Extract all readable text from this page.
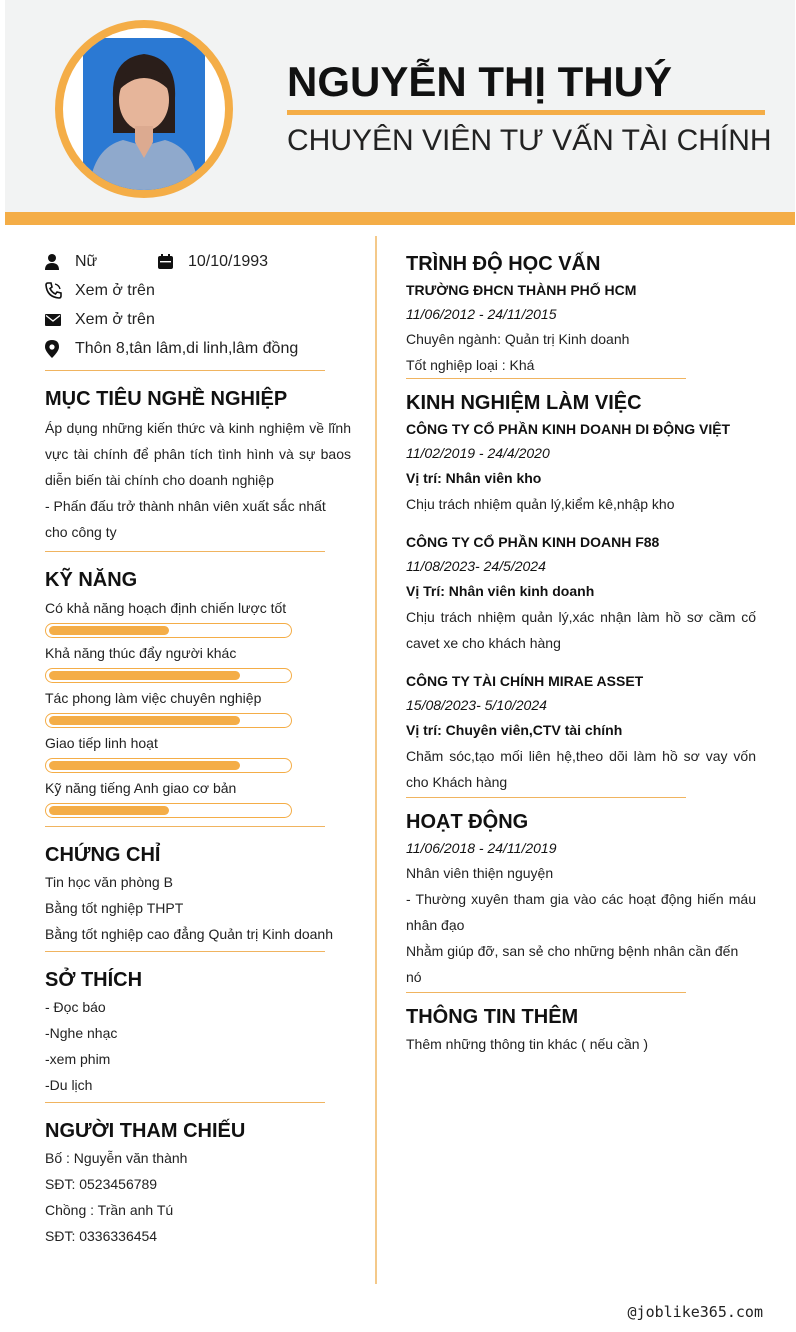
NGUYỄN THỊ THUÝ
CHUYÊN VIÊN TƯ VẤN TÀI CHÍNH
Nữ	10/10/1993
Xem ở trên
Xem ở trên
Thôn 8,tân lâm,di linh,lâm đồng
MỤC TIÊU NGHỀ NGHIỆP
Áp dụng những kiến thức và kinh nghiệm về lĩnh vực tài chính để phân tích tình hình và sự baos diễn biến tài chính cho doanh nghiệp
- Phấn đấu trở thành nhân viên xuất sắc nhất cho công ty
KỸ NĂNG
Có khả năng hoạch định chiến lược tốt
Khả năng thúc đẩy người khác
Tác phong làm việc chuyên nghiệp
Giao tiếp linh hoạt
Kỹ năng tiếng Anh giao cơ bản
CHỨNG CHỈ
Tin học văn phòng B
Bằng tốt nghiệp THPT
Bằng tốt nghiệp cao đẳng Quản trị Kinh doanh
SỞ THÍCH
- Đọc báo
-Nghe nhạc
-xem phim
-Du lịch
NGƯỜI THAM CHIẾU
Bố : Nguyễn văn thành
SĐT: 0523456789
Chồng : Trần anh Tú
SĐT: 0336336454
TRÌNH ĐỘ HỌC VẤN
TRƯỜNG ĐHCN THÀNH PHỐ HCM
11/06/2012 - 24/11/2015
Chuyên ngành: Quản trị Kinh doanh
Tốt nghiệp loại : Khá
KINH NGHIỆM LÀM VIỆC
CÔNG TY CỔ PHẦN KINH DOANH DI ĐỘNG VIỆT
11/02/2019 - 24/4/2020
Vị trí: Nhân viên kho
Chịu trách nhiệm quản lý,kiểm kê,nhập kho
CÔNG TY CỔ PHẦN KINH DOANH F88
11/08/2023- 24/5/2024
Vị Trí: Nhân viên kinh doanh
Chịu trách nhiệm quản lý,xác nhận làm hồ sơ cầm cố cavet xe cho khách hàng
CÔNG TY TÀI CHÍNH MIRAE ASSET
15/08/2023- 5/10/2024
Vị trí: Chuyên viên,CTV tài chính
Chăm sóc,tạo mối liên hệ,theo dõi làm hồ sơ vay vốn cho Khách hàng
HOẠT ĐỘNG
11/06/2018 - 24/11/2019
Nhân viên thiện nguyện
- Thường xuyên tham gia vào các hoạt động hiến máu nhân đạo
Nhằm giúp đỡ, san sẻ cho những bệnh nhân cần đến nó
THÔNG TIN THÊM
Thêm những thông tin khác ( nếu cần )
@joblike365.com
